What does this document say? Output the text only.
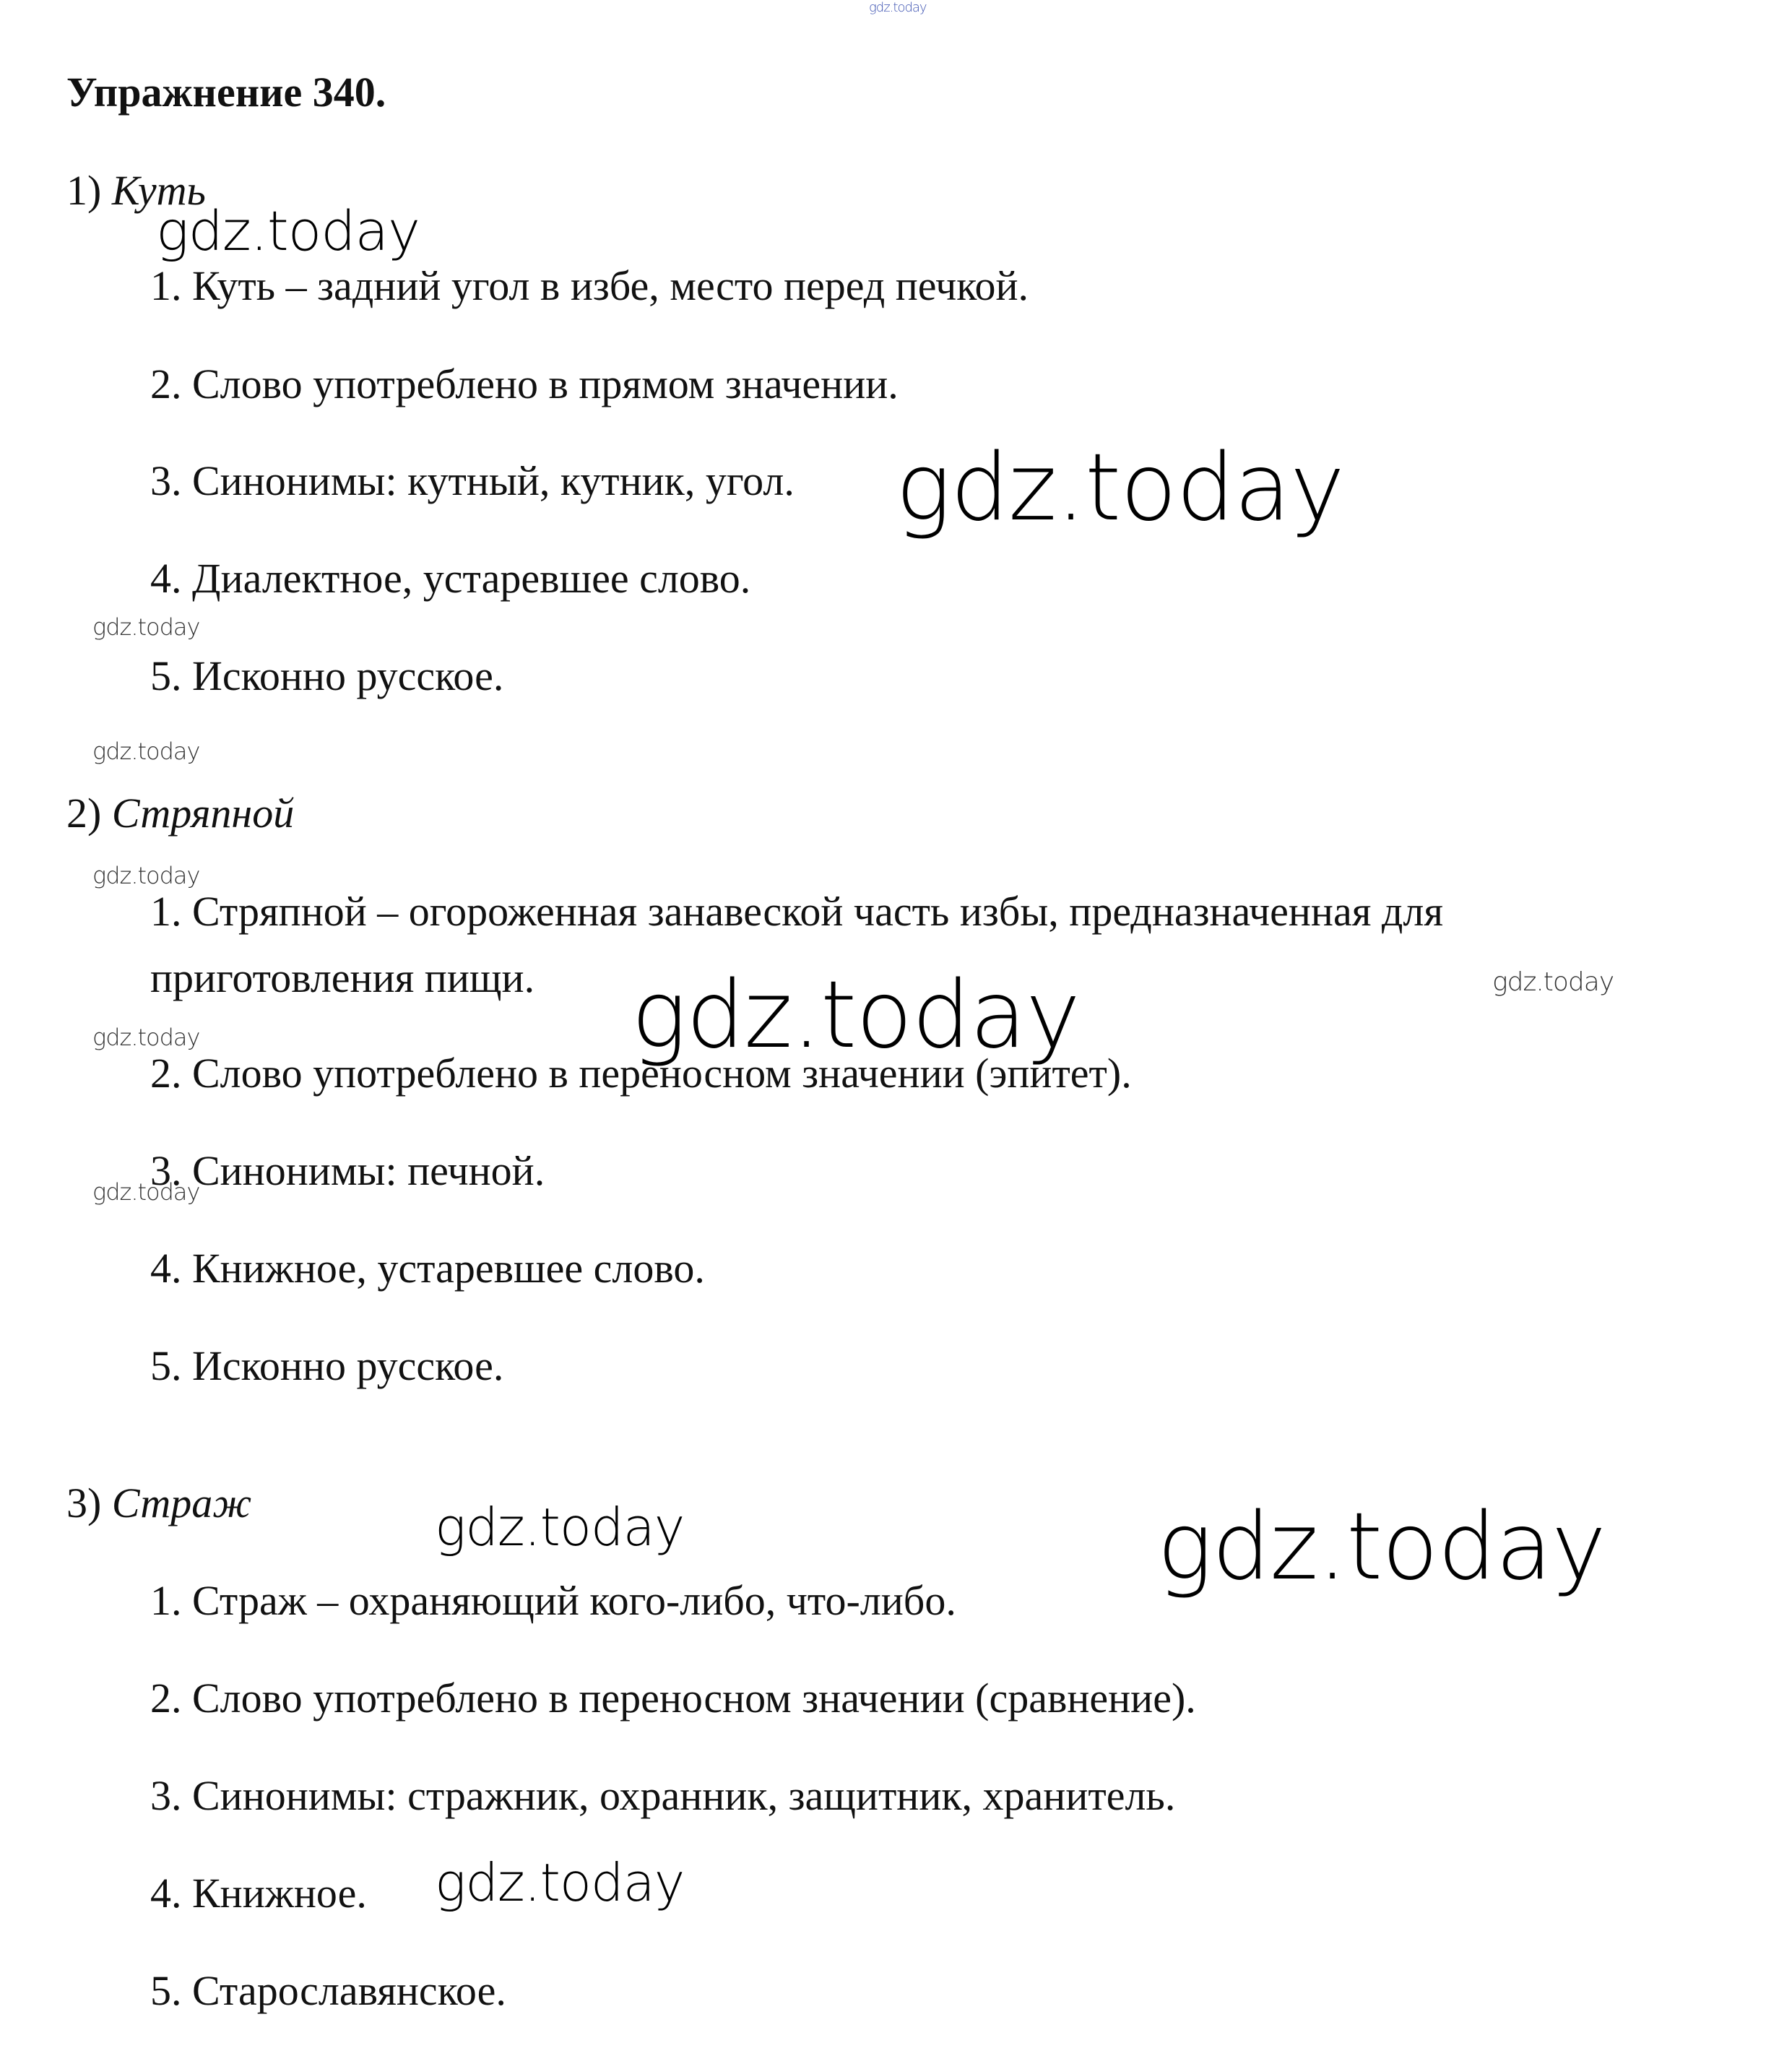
Упражнение 340.
1) Куть

1. Куть – задний угол в избе, место перед печкой.

2. Слово употреблено в прямом значении.

3. Синонимы: кутный, кутник, угол.

4. Диалектное, устаревшее слово.

5. Исконно русское.

2) Стряпной

1. Стряпной – огороженная занавеской часть избы, предназначенная для приготовления пищи.

2. Слово употреблено в переносном значении (эпитет).

3. Синонимы: печной.

4. Книжное, устаревшее слово.

5. Исконно русское.

3) Страж

1. Страж – охраняющий кого-либо, что-либо.

2. Слово употреблено в переносном значении (сравнение).

3. Синонимы: стражник, охранник, защитник, хранитель.

4. Книжное.

5. Старославянское.

gdz.today
gdz.today
gdz.today
gdz.today
gdz.today
gdz.today
gdz.today
gdz.today
gdz.today
gdz.today
gdz.today	gdz.today
gdz.today
